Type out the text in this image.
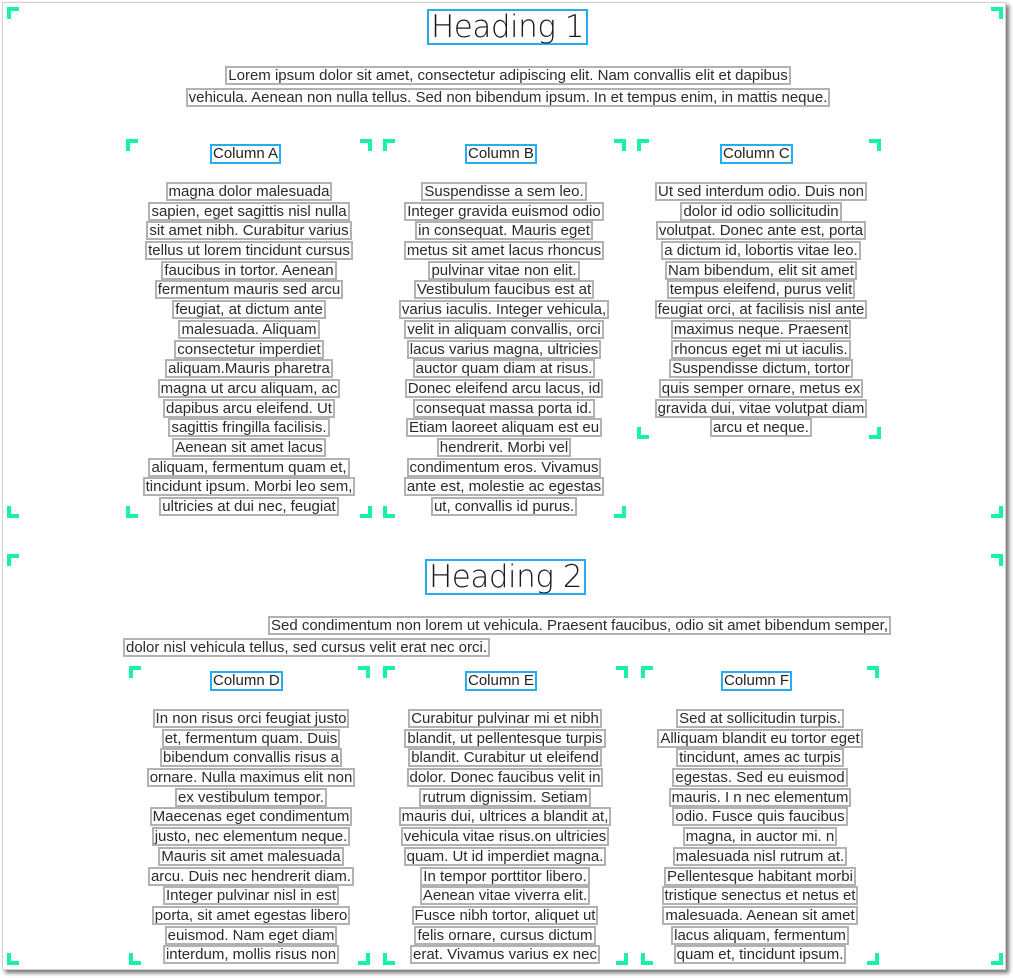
Heading 1
Lorem ipsum dolor sit amet, consectetur adipiscing elit. Nam convallis elit et dapibus
vehicula. Aenean non nulla tellus. Sed non bibendum ipsum. In et tempus enim, in mattis neque.
Column A
magna dolor malesuada
sapien, eget sagittis nisl nulla
sit amet nibh. Curabitur varius
tellus ut lorem tincidunt cursus
faucibus in tortor. Aenean
fermentum mauris sed arcu
feugiat, at dictum ante
malesuada. Aliquam
consectetur imperdiet
aliquam.Mauris pharetra
magna ut arcu aliquam, ac
dapibus arcu eleifend. Ut
sagittis fringilla facilisis.
Aenean sit amet lacus
aliquam, fermentum quam et,
tincidunt ipsum. Morbi leo sem,
ultricies at dui nec, feugiat
Column B
Suspendisse a sem leo.
Integer gravida euismod odio
in consequat. Mauris eget
metus sit amet lacus rhoncus
pulvinar vitae non elit.
Vestibulum faucibus est at
varius iaculis. Integer vehicula,
velit in aliquam convallis, orci
lacus varius magna, ultricies
auctor quam diam at risus.
Donec eleifend arcu lacus, id
consequat massa porta id.
Etiam laoreet aliquam est eu
hendrerit. Morbi vel
condimentum eros. Vivamus
ante est, molestie ac egestas
ut, convallis id purus.
Column C
Ut sed interdum odio. Duis non
dolor id odio sollicitudin
volutpat. Donec ante est, porta
a dictum id, lobortis vitae leo.
Nam bibendum, elit sit amet
tempus eleifend, purus velit
feugiat orci, at facilisis nisl ante
maximus neque. Praesent
rhoncus eget mi ut iaculis.
Suspendisse dictum, tortor
quis semper ornare, metus ex
gravida dui, vitae volutpat diam
arcu et neque.
Heading 2
Sed condimentum non lorem ut vehicula. Praesent faucibus, odio sit amet bibendum semper,
dolor nisl vehicula tellus, sed cursus velit erat nec orci.
Column D
In non risus orci feugiat justo
et, fermentum quam. Duis
bibendum convallis risus a
ornare. Nulla maximus elit non
ex vestibulum tempor.
Maecenas eget condimentum
justo, nec elementum neque.
Mauris sit amet malesuada
arcu. Duis nec hendrerit diam.
Integer pulvinar nisl in est
porta, sit amet egestas libero
euismod. Nam eget diam
interdum, mollis risus non
Column E
Curabitur pulvinar mi et nibh
blandit, ut pellentesque turpis
blandit. Curabitur ut eleifend
dolor. Donec faucibus velit in
rutrum dignissim. Setiam
mauris dui, ultrices a blandit at,
vehicula vitae risus.on ultricies
quam. Ut id imperdiet magna.
In tempor porttitor libero.
Aenean vitae viverra elit.
Fusce nibh tortor, aliquet ut
felis ornare, cursus dictum
erat. Vivamus varius ex nec
Column F
Sed at sollicitudin turpis.
Alliquam blandit eu tortor eget
tincidunt, ames ac turpis
egestas. Sed eu euismod
mauris. I n nec elementum
odio. Fusce quis faucibus
magna, in auctor mi. n
malesuada nisl rutrum at.
Pellentesque habitant morbi
tristique senectus et netus et
malesuada. Aenean sit amet
lacus aliquam, fermentum
quam et, tincidunt ipsum.
